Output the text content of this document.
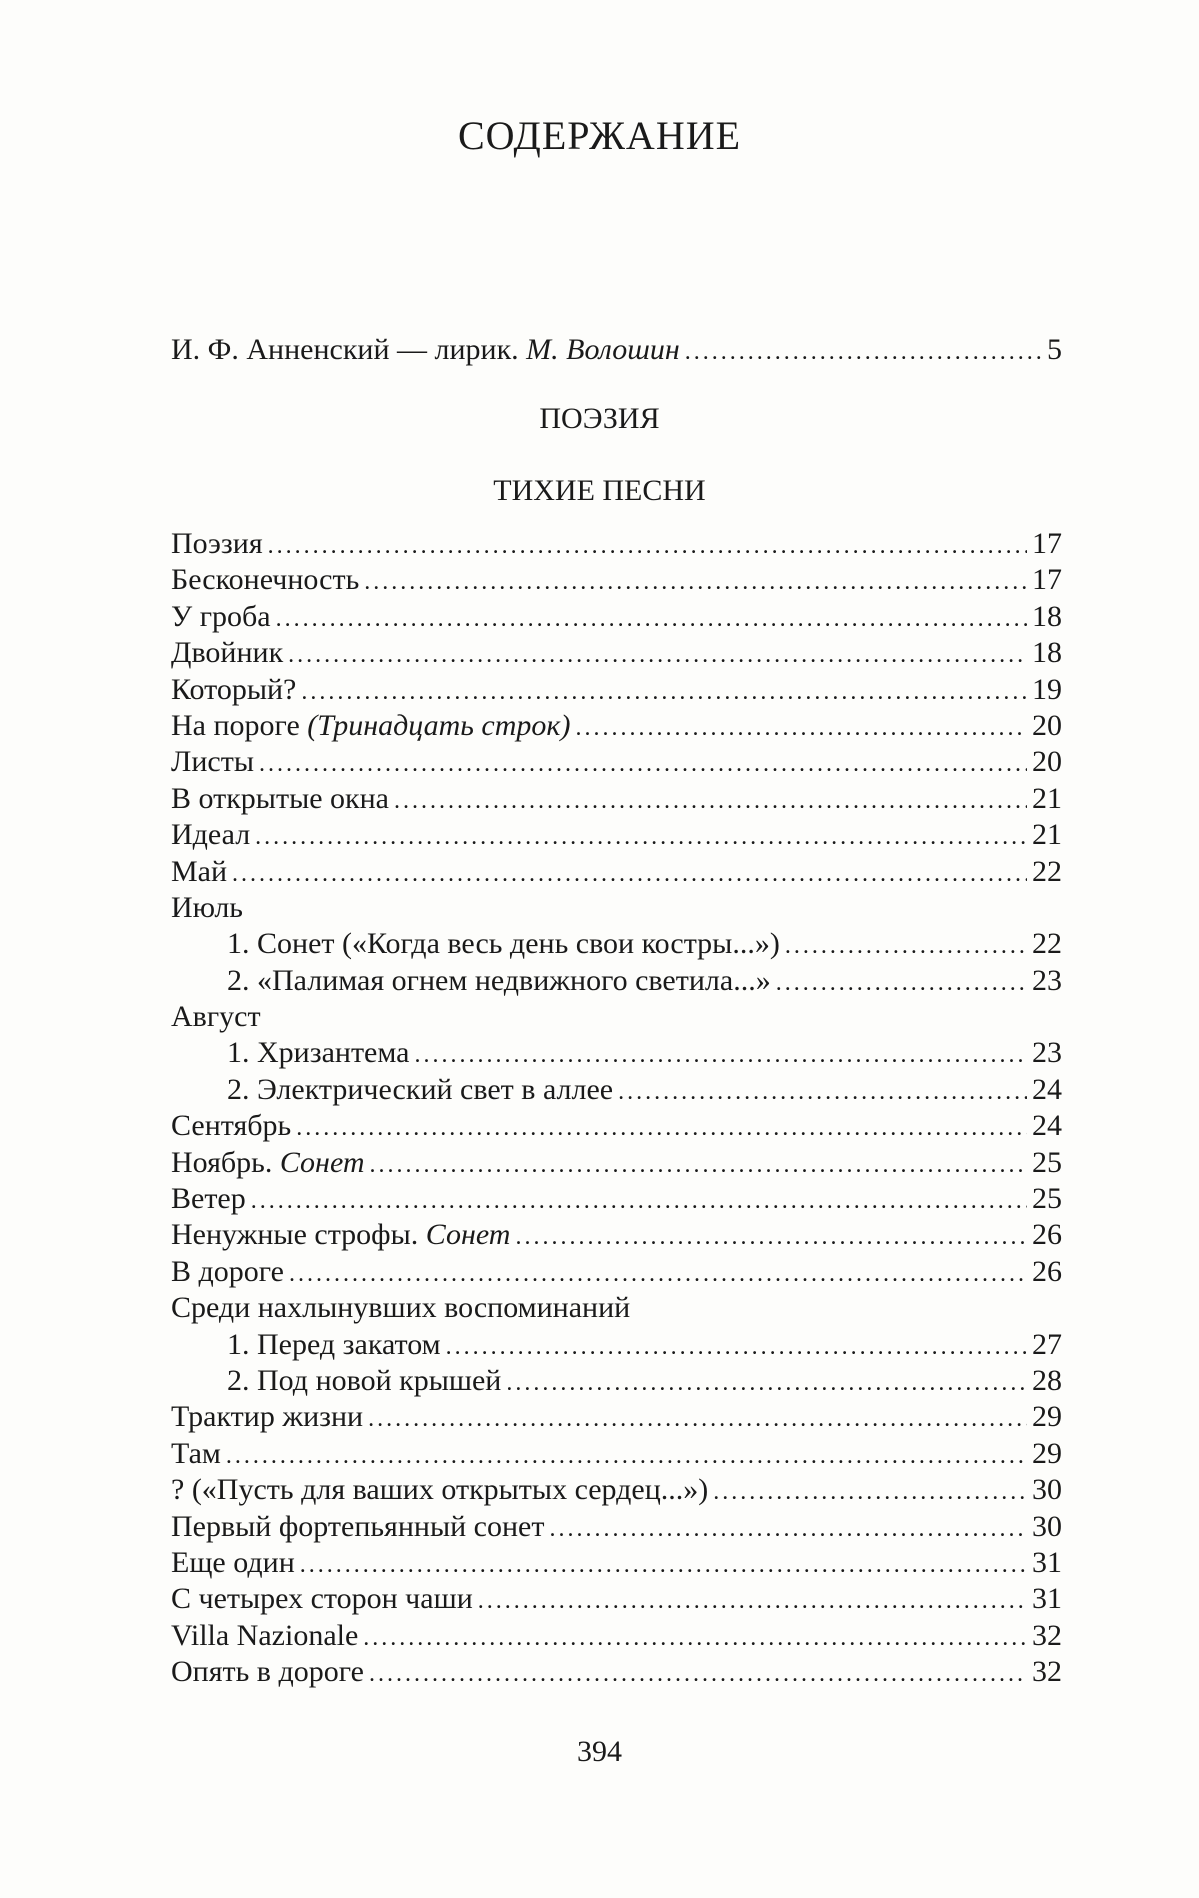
СОДЕРЖАНИЕ
И. Ф. Анненский — лирик. М. Волошин .....	5
ПОЭЗИЯ
ТИХИЕ ПЕСНИ
Поэзия .....	17
Бесконечность .....	17
У гроба .....	18
Двойник .....	18
Который? .....	19
На пороге (Тринадцать строк) .....	20
Листы .....	20
В открытые окна .....	21
Идеал .....	21
Май .....	22
Июль
1. Сонет («Когда весь день свои костры...») .....	22
2. «Палимая огнем недвижного светила...» .....	23
Август
1. Хризантема .....	23
2. Электрический свет в аллее .....	24
Сентябрь .....	24
Ноябрь. Сонет .....	25
Ветер .....	25
Ненужные строфы. Сонет .....	26
В дороге .....	26
Среди нахлынувших воспоминаний
1. Перед закатом .....	27
2. Под новой крышей .....	28
Трактир жизни .....	29
Там .....	29
? («Пусть для ваших открытых сердец...») .....	30
Первый фортепьянный сонет .....	30
Еще один .....	31
С четырех сторон чаши .....	31
Villa Nazionale .....	32
Опять в дороге .....	32
394
